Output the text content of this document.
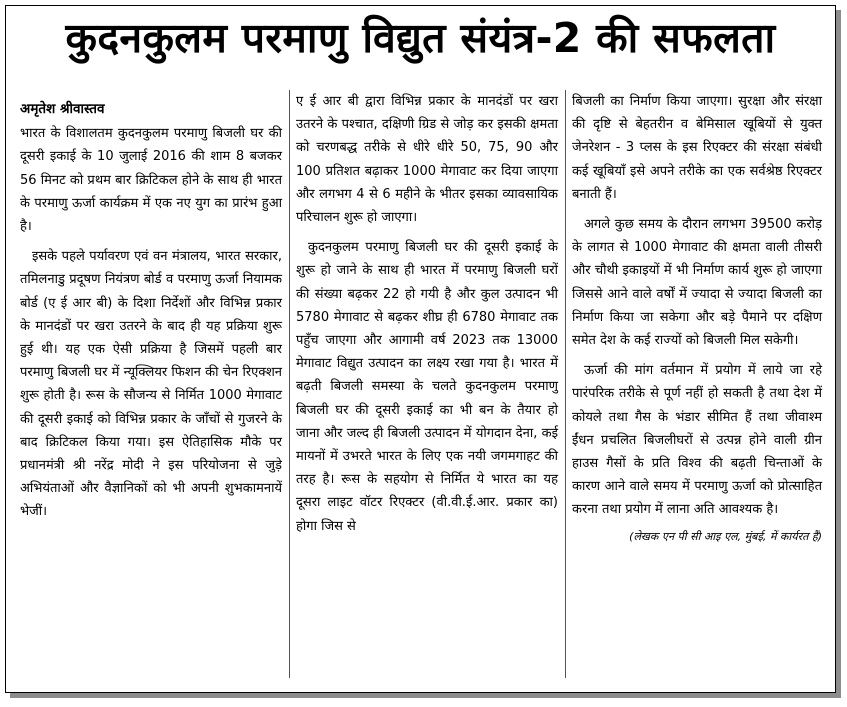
कुदनकुलम परमाणु विद्युत संयंत्र-2 की सफलता
अमृतेश श्रीवास्तव

भारत के विशालतम कुदनकुलम परमाणु बिजली घर की दूसरी इकाई के 10 जुलाई 2016 की शाम 8 बजकर 56 मिनट को प्रथम बार क्रिटिकल होने के साथ ही भारत के परमाणु ऊर्जा कार्यक्रम में एक नए युग का प्रारंभ हुआ है।

इसके पहले पर्यावरण एवं वन मंत्रालय, भारत सरकार, तमिलनाडु प्रदूषण नियंत्रण बोर्ड व परमाणु ऊर्जा नियामक बोर्ड (ए ई आर बी) के दिशा निर्देशों और विभिन्न प्रकार के मानदंडों पर खरा उतरने के बाद ही यह प्रक्रिया शुरू हुई थी। यह एक ऐसी प्रक्रिया है जिसमें पहली बार परमाणु बिजली घर में न्यूक्लियर फिशन की चेन रिएक्शन शुरू होती है। रूस के सौजन्य से निर्मित 1000 मेगावाट की दूसरी इकाई को विभिन्न प्रकार के जाँचों से गुजरने के बाद क्रिटिकल किया गया। इस ऐतिहासिक मौके पर प्रधानमंत्री श्री नरेंद्र मोदी ने इस परियोजना से जुड़े अभियंताओं और वैज्ञानिकों को भी अपनी शुभकामनायें भेजीं।

ए ई आर बी द्वारा विभिन्न प्रकार के मानदंडों पर खरा उतरने के पश्चात, दक्षिणी ग्रिड से जोड़ कर इसकी क्षमता को चरणबद्ध तरीके से धीरे धीरे 50, 75, 90 और 100 प्रतिशत बढ़ाकर 1000 मेगावाट कर दिया जाएगा और लगभग 4 से 6 महीने के भीतर इसका व्यावसायिक परिचालन शुरू हो जाएगा।

कुदनकुलम परमाणु बिजली घर की दूसरी इकाई के शुरू हो जाने के साथ ही भारत में परमाणु बिजली घरों की संख्या बढ़कर 22 हो गयी है और कुल उत्पादन भी 5780 मेगावाट से बढ़कर शीघ्र ही 6780 मेगावाट तक पहुँच जाएगा और आगामी वर्ष 2023 तक 13000 मेगावाट विद्युत उत्पादन का लक्ष्य रखा गया है। भारत में बढ़ती बिजली समस्या के चलते कुदनकुलम परमाणु बिजली घर की दूसरी इकाई का भी बन के तैयार हो जाना और जल्द ही बिजली उत्पादन में योगदान देना, कई मायनों में उभरते भारत के लिए एक नयी जगमगाहट की तरह है। रूस के सहयोग से निर्मित ये भारत का यह दूसरा लाइट वॉटर रिएक्टर (वी.वी.ई.आर. प्रकार का) होगा जिस से

बिजली का निर्माण किया जाएगा। सुरक्षा और संरक्षा की दृष्टि से बेहतरीन व बेमिसाल खूबियों से युक्त जेनरेशन - 3 प्लस के इस रिएक्टर की संरक्षा संबंधी कई खूबियाँ इसे अपने तरीके का एक सर्वश्रेष्ठ रिएक्टर बनाती हैं।

अगले कुछ समय के दौरान लगभग 39500 करोड़ के लागत से 1000 मेगावाट की क्षमता वाली तीसरी और चौथी इकाइयों में भी निर्माण कार्य शुरू हो जाएगा जिससे आने वाले वर्षों में ज्यादा से ज्यादा बिजली का निर्माण किया जा सकेगा और बड़े पैमाने पर दक्षिण समेत देश के कई राज्यों को बिजली मिल सकेगी।

ऊर्जा की मांग वर्तमान में प्रयोग में लाये जा रहे पारंपरिक तरीके से पूर्ण नहीं हो सकती है तथा देश में कोयले तथा गैस के भंडार सीमित हैं तथा जीवाश्म ईंधन प्रचलित बिजलीघरों से उत्पन्न होने वाली ग्रीन हाउस गैसों के प्रति विश्व की बढ़ती चिन्ताओं के कारण आने वाले समय में परमाणु ऊर्जा को प्रोत्साहित करना तथा प्रयोग में लाना अति आवश्यक है।

(लेखक एन पी सी आइ एल, मुंबई, में कार्यरत हैं)
